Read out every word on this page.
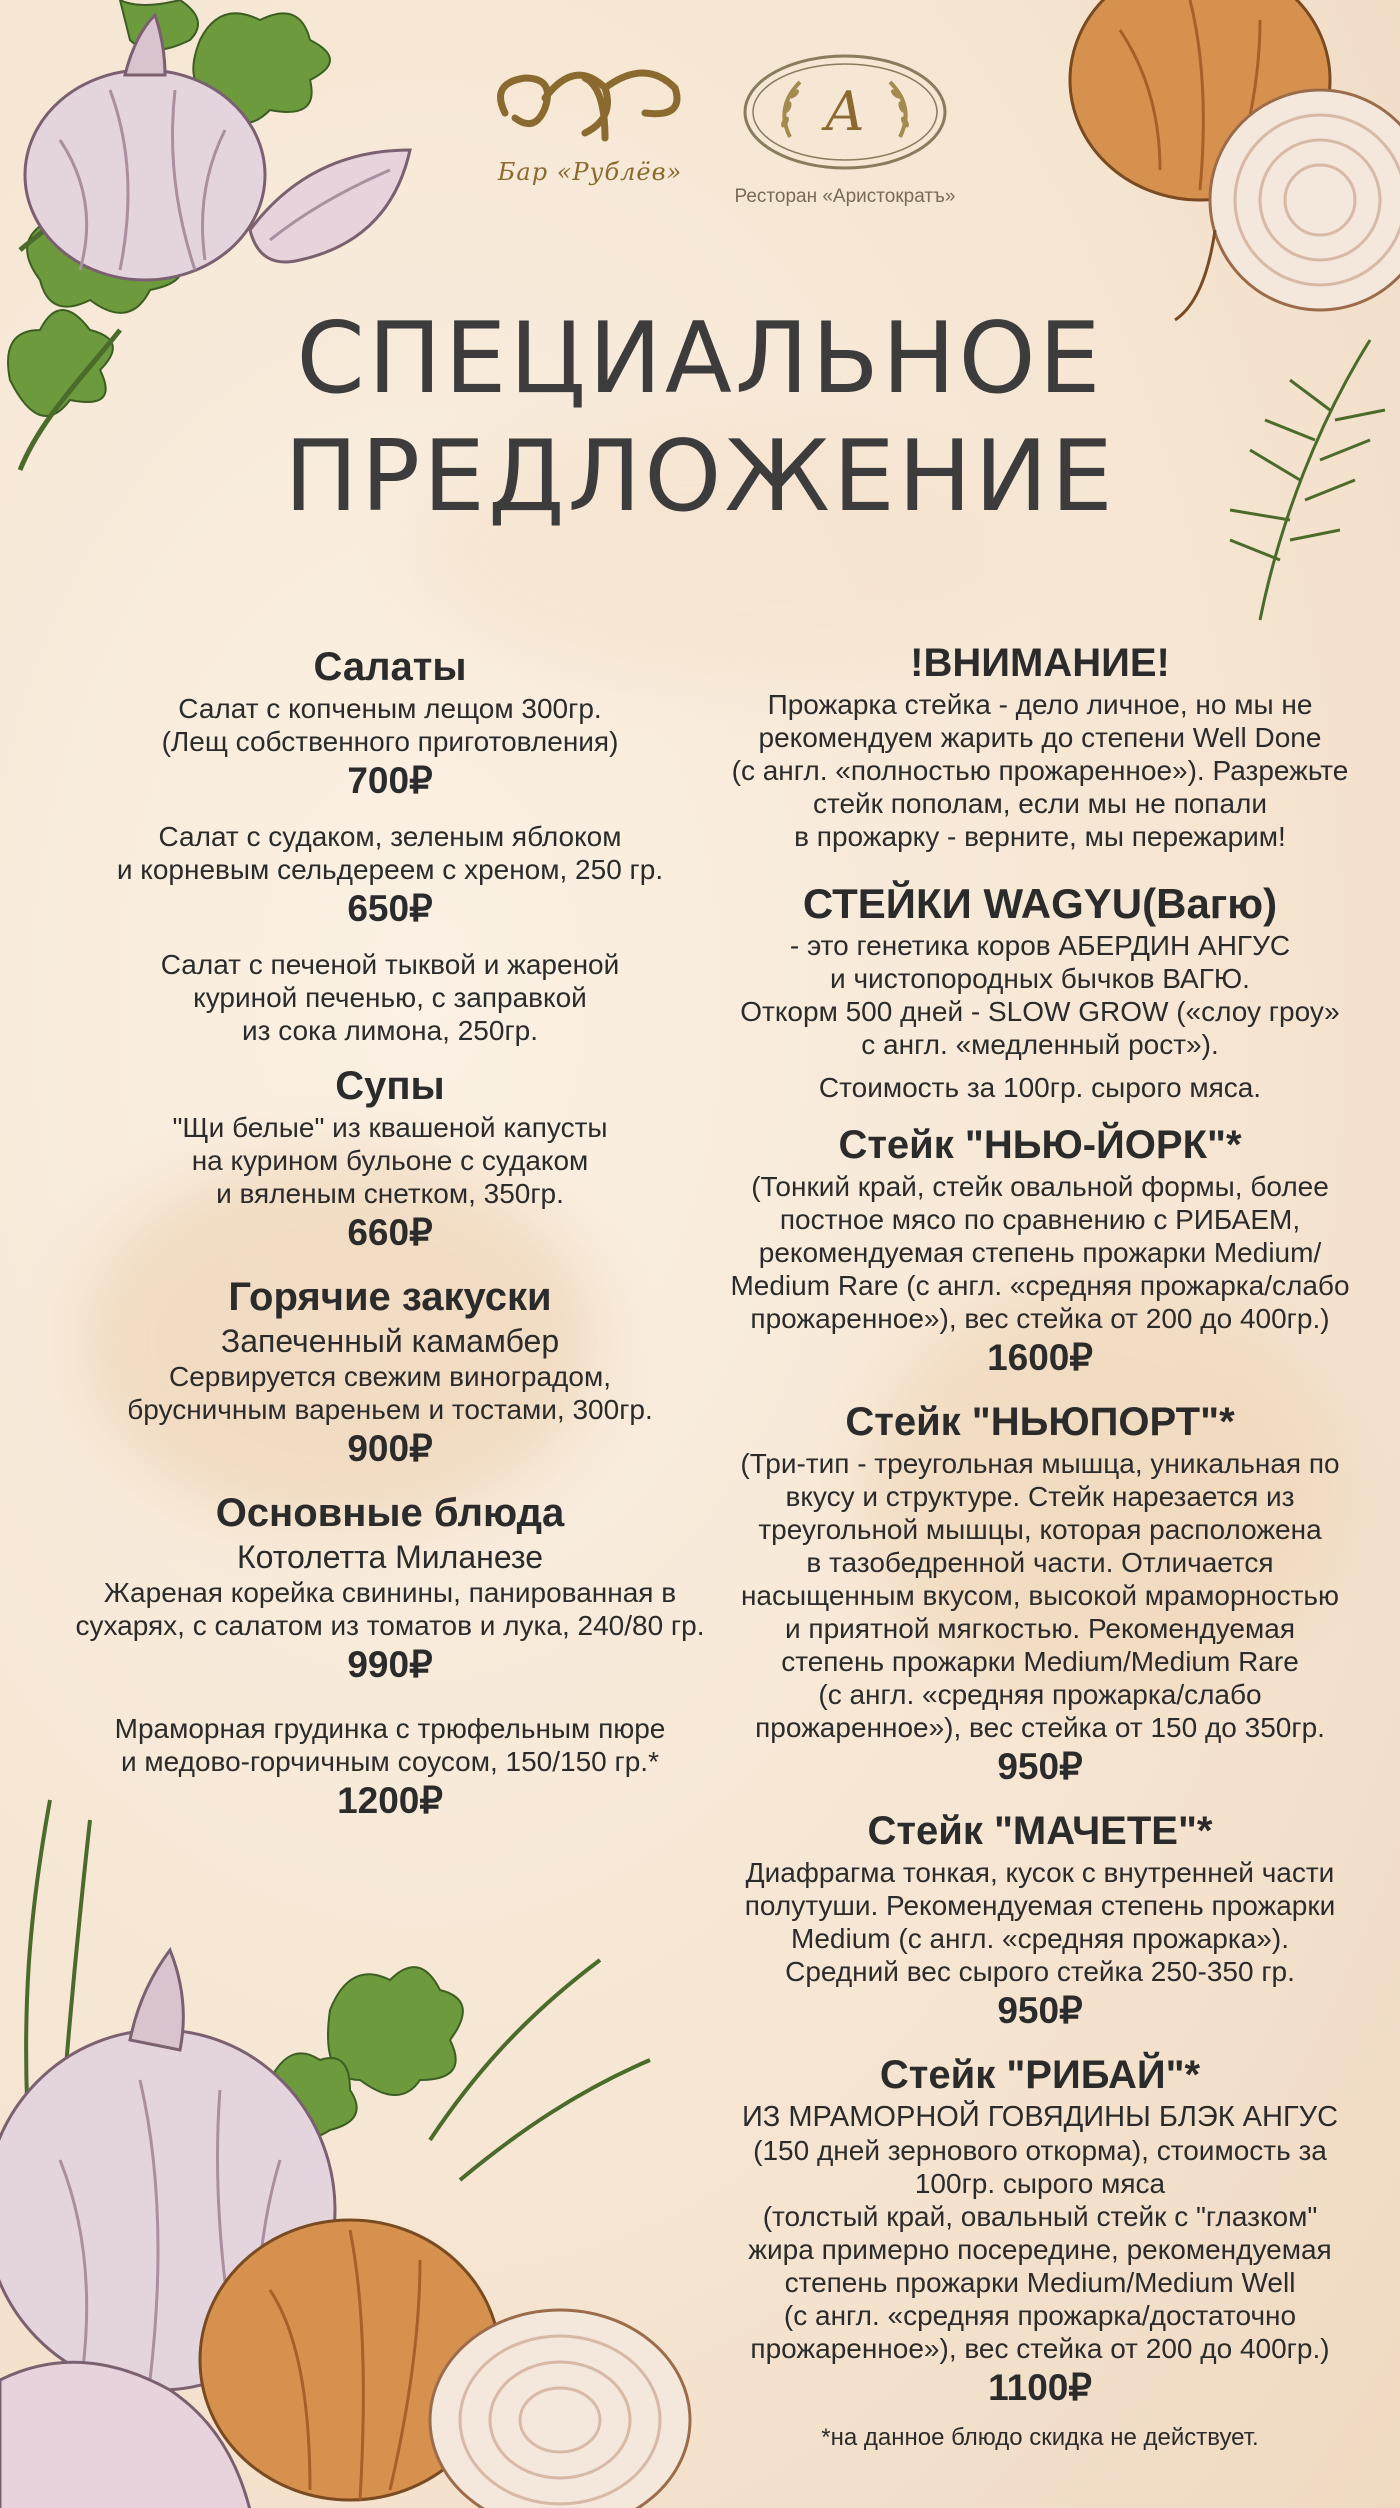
Бар «Рублёв»
А
Ресторан «Аристократъ»
СПЕЦИАЛЬНОЕ
ПРЕДЛОЖЕНИЕ
Салаты
Салат с копченым лещом 300гр.
(Лещ собственного приготовления)
700₽
Салат с судаком, зеленым яблоком
и корневым сельдереем с хреном, 250 гр.
650₽
Салат с печеной тыквой и жареной
куриной печенью, с заправкой
из сока лимона, 250гр.
Супы
"Щи белые" из квашеной капусты
на курином бульоне с судаком
и вяленым снетком, 350гр.
660₽
Горячие закуски
Запеченный камамбер
Сервируется свежим виноградом,
брусничным вареньем и тостами, 300гр.
900₽
Основные блюда
Котолетта Миланезе
Жареная корейка свинины, панированная в
сухарях, с салатом из томатов и лука, 240/80 гр.
990₽
Мраморная грудинка с трюфельным пюре
и медово-горчичным соусом, 150/150 гр.*
1200₽
!ВНИМАНИЕ!
Прожарка стейка - дело личное, но мы не
рекомендуем жарить до степени Well Done
(с англ. «полностью прожаренное»). Разрежьте
стейк пополам, если мы не попали
в прожарку - верните, мы пережарим!
СТЕЙКИ WAGYU(Вагю)
- это генетика коров АБЕРДИН АНГУС
и чистопородных бычков ВАГЮ.
Откорм 500 дней - SLOW GROW («слоу гроу»
с англ. «медленный рост»).
Стоимость за 100гр. сырого мяса.
Стейк "НЬЮ-ЙОРК"*
(Тонкий край, стейк овальной формы, более
постное мясо по сравнению с РИБАЕМ,
рекомендуемая степень прожарки Medium/
Medium Rare (с англ. «средняя прожарка/слабо
прожаренное»), вес стейка от 200 до 400гр.)
1600₽
Стейк "НЬЮПОРТ"*
(Три-тип - треугольная мышца, уникальная по
вкусу и структуре. Стейк нарезается из
треугольной мышцы, которая расположена
в тазобедренной части. Отличается
насыщенным вкусом, высокой мраморностью
и приятной мягкостью. Рекомендуемая
степень прожарки Medium/Medium Rare
(с англ. «средняя прожарка/слабо
прожаренное»), вес стейка от 150 до 350гр.
950₽
Стейк "МАЧЕТЕ"*
Диафрагма тонкая, кусок с внутренней части
полутуши. Рекомендуемая степень прожарки
Medium (с англ. «средняя прожарка»).
Средний вес сырого стейка 250-350 гр.
950₽
Стейк "РИБАЙ"*
ИЗ МРАМОРНОЙ ГОВЯДИНЫ БЛЭК АНГУС
(150 дней зернового откорма), стоимость за
100гр. сырого мяса
(толстый край, овальный стейк с "глазком"
жира примерно посередине, рекомендуемая
степень прожарки Medium/Medium Well
(с англ. «средняя прожарка/достаточно
прожаренное»), вес стейка от 200 до 400гр.)
1100₽
*на данное блюдо скидка не действует.
